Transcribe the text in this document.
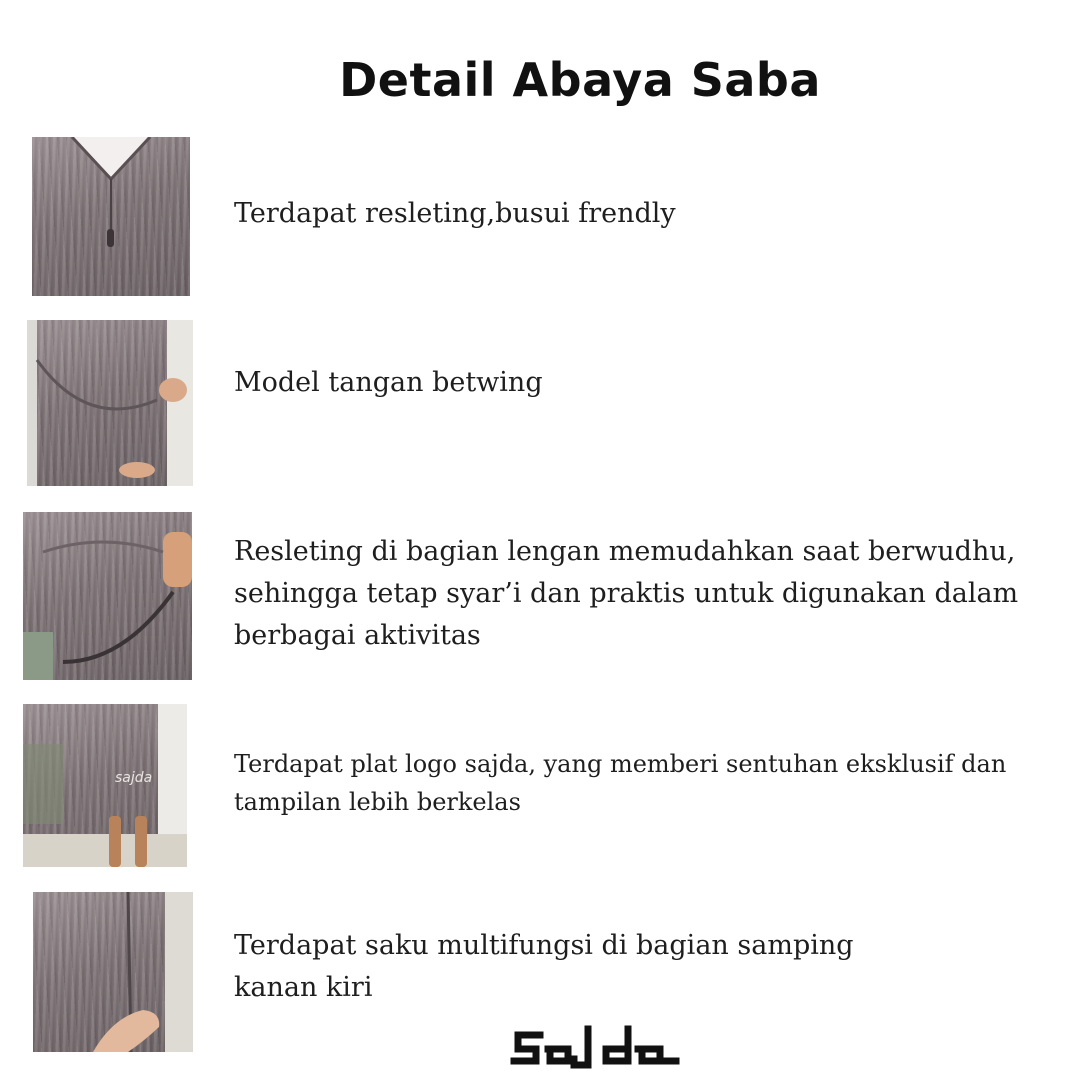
Detail Abaya Saba

Terdapat resleting,busui frendly

Model tangan betwing

Resleting di bagian lengan memudahkan saat berwudhu,
sehingga tetap syar’i dan praktis untuk digunakan dalam
berbagai aktivitas

sajda	Terdapat plat logo sajda, yang memberi sentuhan eksklusif dan
tampilan lebih berkelas

Terdapat saku multifungsi di bagian samping
kanan kiri
